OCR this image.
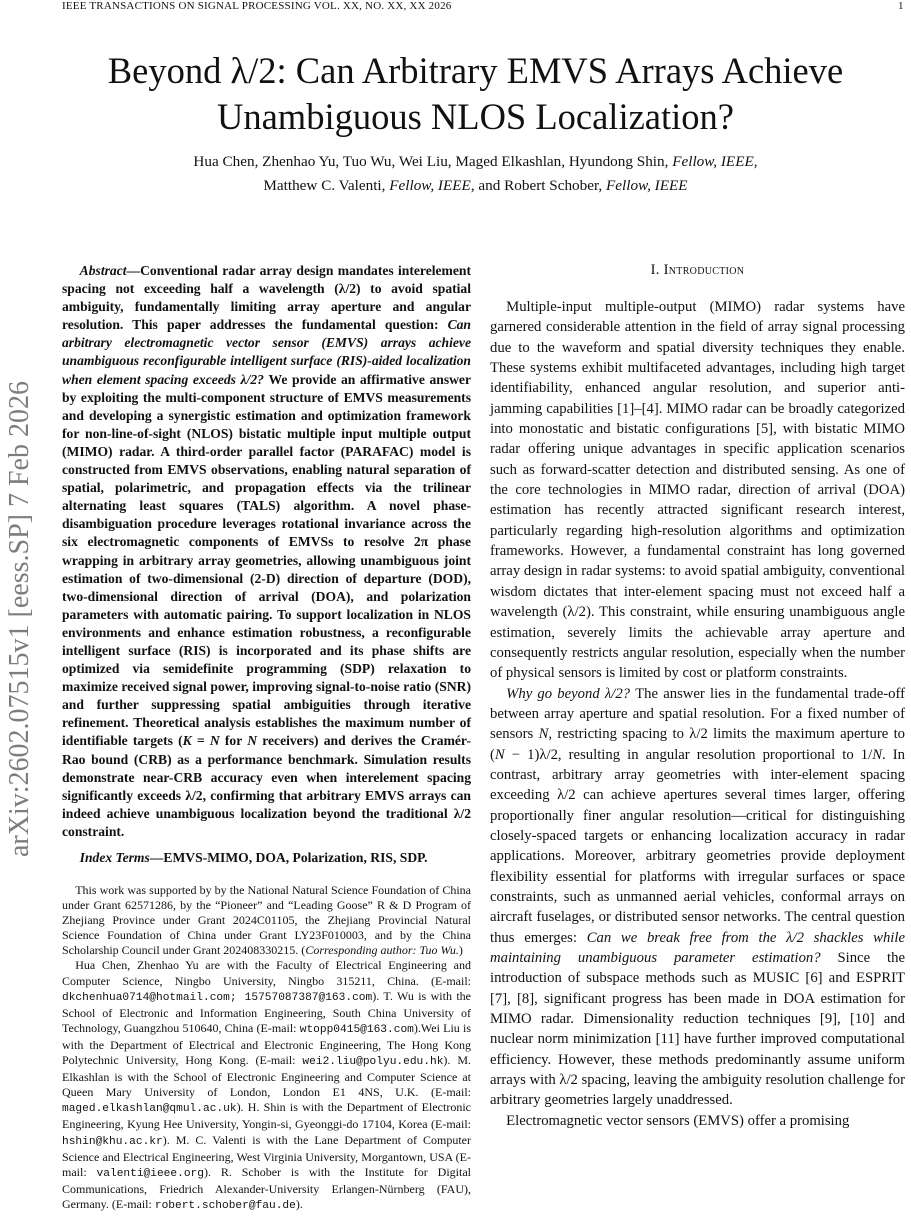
IEEE TRANSACTIONS ON SIGNAL PROCESSING VOL. XX, NO. XX, XX 2026	1
Beyond λ/2: Can Arbitrary EMVS Arrays Achieve
Unambiguous NLOS Localization?
Hua Chen, Zhenhao Yu, Tuo Wu, Wei Liu, Maged Elkashlan, Hyundong Shin, Fellow, IEEE,
Matthew C. Valenti, Fellow, IEEE, and Robert Schober, Fellow, IEEE
arXiv:2602.07515v1 [eess.SP] 7 Feb 2026

Abstract—Conventional radar array design mandates interelement spacing not exceeding half a wavelength (λ/2) to avoid spatial ambiguity, fundamentally limiting array aperture and angular resolution. This paper addresses the fundamental question: Can arbitrary electromagnetic vector sensor (EMVS) arrays achieve unambiguous reconfigurable intelligent surface (RIS)-aided localization when element spacing exceeds λ/2? We provide an affirmative answer by exploiting the multi-component structure of EMVS measurements and developing a synergistic estimation and optimization framework for non-line-of-sight (NLOS) bistatic multiple input multiple output (MIMO) radar. A third-order parallel factor (PARAFAC) model is constructed from EMVS observations, enabling natural separation of spatial, polarimetric, and propagation effects via the trilinear alternating least squares (TALS) algorithm. A novel phase-disambiguation procedure leverages rotational invariance across the six electromagnetic components of EMVSs to resolve 2π phase wrapping in arbitrary array geometries, allowing unambiguous joint estimation of two-dimensional (2-D) direction of departure (DOD), two-dimensional direction of arrival (DOA), and polarization parameters with automatic pairing. To support localization in NLOS environments and enhance estimation robustness, a reconfigurable intelligent surface (RIS) is incorporated and its phase shifts are optimized via semidefinite programming (SDP) relaxation to maximize received signal power, improving signal-to-noise ratio (SNR) and further suppressing spatial ambiguities through iterative refinement. Theoretical analysis establishes the maximum number of identifiable targets (K = N for N receivers) and derives the Cramér-Rao bound (CRB) as a performance benchmark. Simulation results demonstrate near-CRB accuracy even when interelement spacing significantly exceeds λ/2, confirming that arbitrary EMVS arrays can indeed achieve unambiguous localization beyond the traditional λ/2 constraint.

Index Terms—EMVS-MIMO, DOA, Polarization, RIS, SDP.

This work was supported by by the National Natural Science Foundation of China under Grant 62571286, by the “Pioneer” and “Leading Goose” R & D Program of Zhejiang Province under Grant 2024C01105, the Zhejiang Provincial Natural Science Foundation of China under Grant LY23F010003, and by the China Scholarship Council under Grant 202408330215. (Corresponding author: Tuo Wu.)

Hua Chen, Zhenhao Yu are with the Faculty of Electrical Engineering and Computer Science, Ningbo University, Ningbo 315211, China. (E-mail: dkchenhua0714@hotmail.com; 15757087387@163.com). T. Wu is with the School of Electronic and Information Engineering, South China University of Technology, Guangzhou 510640, China (E-mail: wtopp0415@163.com).Wei Liu is with the Department of Electrical and Electronic Engineering, The Hong Kong Polytechnic University, Hong Kong. (E-mail: wei2.liu@polyu.edu.hk). M. Elkashlan is with the School of Electronic Engineering and Computer Science at Queen Mary University of London, London E1 4NS, U.K. (E-mail: maged.elkashlan@qmul.ac.uk). H. Shin is with the Department of Electronic Engineering, Kyung Hee University, Yongin-si, Gyeonggi-do 17104, Korea (E-mail: hshin@khu.ac.kr). M. C. Valenti is with the Lane Department of Computer Science and Electrical Engineering, West Virginia University, Morgantown, USA (E-mail: valenti@ieee.org). R. Schober is with the Institute for Digital Communications, Friedrich Alexander-University Erlangen-Nürnberg (FAU), Germany. (E-mail: robert.schober@fau.de).

I. Introduction

Multiple-input multiple-output (MIMO) radar systems have garnered considerable attention in the field of array signal processing due to the waveform and spatial diversity techniques they enable. These systems exhibit multifaceted advantages, including high target identifiability, enhanced angular resolution, and superior anti-jamming capabilities [1]–[4]. MIMO radar can be broadly categorized into monostatic and bistatic configurations [5], with bistatic MIMO radar offering unique advantages in specific application scenarios such as forward-scatter detection and distributed sensing. As one of the core technologies in MIMO radar, direction of arrival (DOA) estimation has recently attracted significant research interest, particularly regarding high-resolution algorithms and optimization frameworks. However, a fundamental constraint has long governed array design in radar systems: to avoid spatial ambiguity, conventional wisdom dictates that inter-element spacing must not exceed half a wavelength (λ/2). This constraint, while ensuring unambiguous angle estimation, severely limits the achievable array aperture and consequently restricts angular resolution, especially when the number of physical sensors is limited by cost or platform constraints.

Why go beyond λ/2? The answer lies in the fundamental trade-off between array aperture and spatial resolution. For a fixed number of sensors N, restricting spacing to λ/2 limits the maximum aperture to (N − 1)λ/2, resulting in angular resolution proportional to 1/N. In contrast, arbitrary array geometries with inter-element spacing exceeding λ/2 can achieve apertures several times larger, offering proportionally finer angular resolution—critical for distinguishing closely-spaced targets or enhancing localization accuracy in radar applications. Moreover, arbitrary geometries provide deployment flexibility essential for platforms with irregular surfaces or space constraints, such as unmanned aerial vehicles, conformal arrays on aircraft fuselages, or distributed sensor networks. The central question thus emerges: Can we break free from the λ/2 shackles while maintaining unambiguous parameter estimation? Since the introduction of subspace methods such as MUSIC [6] and ESPRIT [7], [8], significant progress has been made in DOA estimation for MIMO radar. Dimensionality reduction techniques [9], [10] and nuclear norm minimization [11] have further improved computational efficiency. However, these methods predominantly assume uniform arrays with λ/2 spacing, leaving the ambiguity resolution challenge for arbitrary geometries largely unaddressed.

Electromagnetic vector sensors (EMVS) offer a promising
